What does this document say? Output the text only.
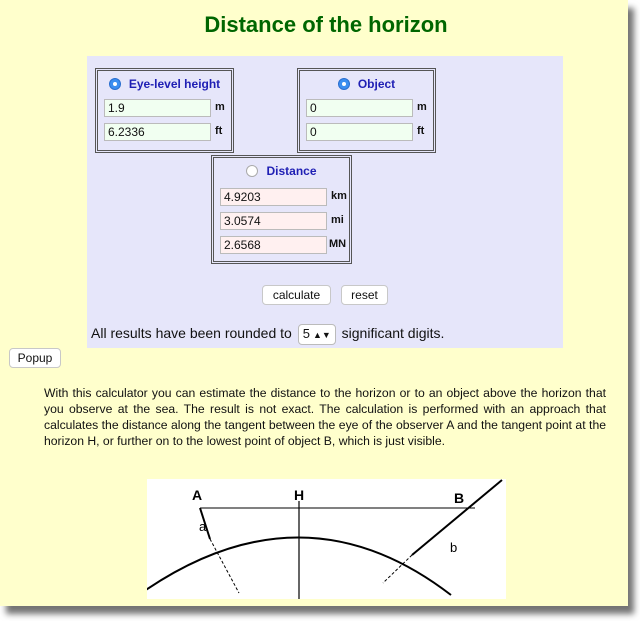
Distance of the horizon
Eye-level height
1.9	m
6.2336	ft
Object
0	m
0	ft
Distance
4.9203	km
3.0574	mi
2.6568	MN
calculate	reset
All results have been rounded to 5 ▲▼ significant digits.
Popup
With this calculator you can estimate the distance to the horizon or to an object above the horizon that you observe at the sea. The result is not exact. The calculation is performed with an approach that calculates the distance along the tangent between the eye of the observer A and the tangent point at the horizon H, or further on to the lowest point of object B, which is just visible.
A	H	B
a
b
